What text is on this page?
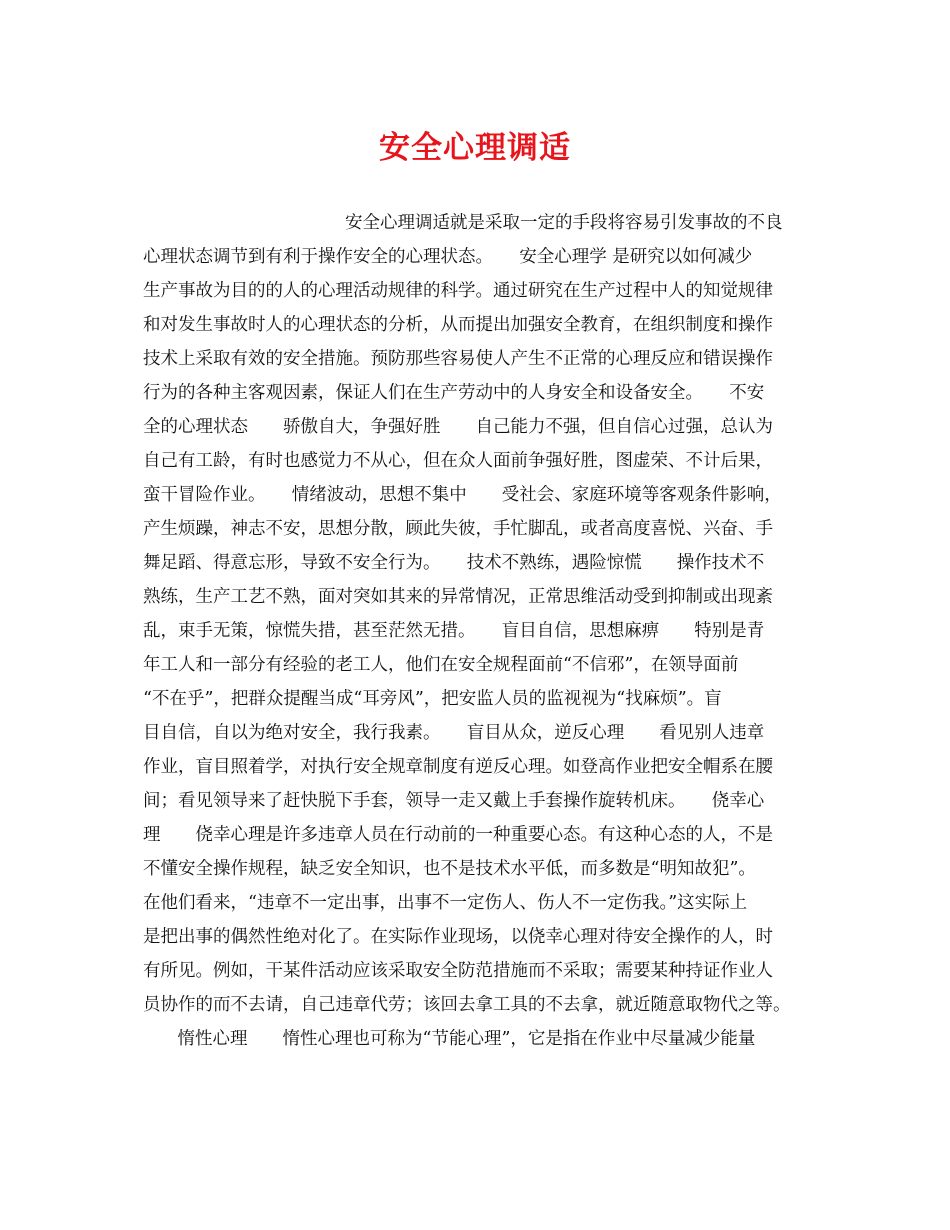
安全心理调适
安全心理调适就是采取一定的手段将容易引发事故的不良
心理状态调节到有利于操作安全的心理状态。　　安全心理学 是研究以如何减少
生产事故为目的的人的心理活动规律的科学。通过研究在生产过程中人的知觉规律
和对发生事故时人的心理状态的分析，从而提出加强安全教育，在组织制度和操作
技术上采取有效的安全措施。预防那些容易使人产生不正常的心理反应和错误操作
行为的各种主客观因素，保证人们在生产劳动中的人身安全和设备安全。　　不安
全的心理状态　　骄傲自大，争强好胜　　自己能力不强，但自信心过强，总认为
自己有工龄，有时也感觉力不从心，但在众人面前争强好胜，图虚荣、不计后果，
蛮干冒险作业。　　情绪波动，思想不集中　　受社会、家庭环境等客观条件影响，
产生烦躁，神志不安，思想分散，顾此失彼，手忙脚乱，或者高度喜悦、兴奋、手
舞足蹈、得意忘形，导致不安全行为。　　技术不熟练，遇险惊慌　　操作技术不
熟练，生产工艺不熟，面对突如其来的异常情况，正常思维活动受到抑制或出现紊
乱，束手无策，惊慌失措，甚至茫然无措。　　盲目自信，思想麻痹　　特别是青
年工人和一部分有经验的老工人，他们在安全规程面前“不信邪”，在领导面前
“不在乎”，把群众提醒当成“耳旁风”，把安监人员的监视视为“找麻烦”。盲
目自信，自以为绝对安全，我行我素。　　盲目从众，逆反心理　　看见别人违章
作业，盲目照着学，对执行安全规章制度有逆反心理。如登高作业把安全帽系在腰
间；看见领导来了赶快脱下手套，领导一走又戴上手套操作旋转机床。　　侥幸心
理　　侥幸心理是许多违章人员在行动前的一种重要心态。有这种心态的人，不是
不懂安全操作规程，缺乏安全知识，也不是技术水平低，而多数是“明知故犯”。
在他们看来，“违章不一定出事，出事不一定伤人、伤人不一定伤我。”这实际上
是把出事的偶然性绝对化了。在实际作业现场，以侥幸心理对待安全操作的人，时
有所见。例如，干某件活动应该采取安全防范措施而不采取；需要某种持证作业人
员协作的而不去请，自己违章代劳；该回去拿工具的不去拿，就近随意取物代之等。
　惰性心理　　惰性心理也可称为“节能心理”，它是指在作业中尽量减少能量
